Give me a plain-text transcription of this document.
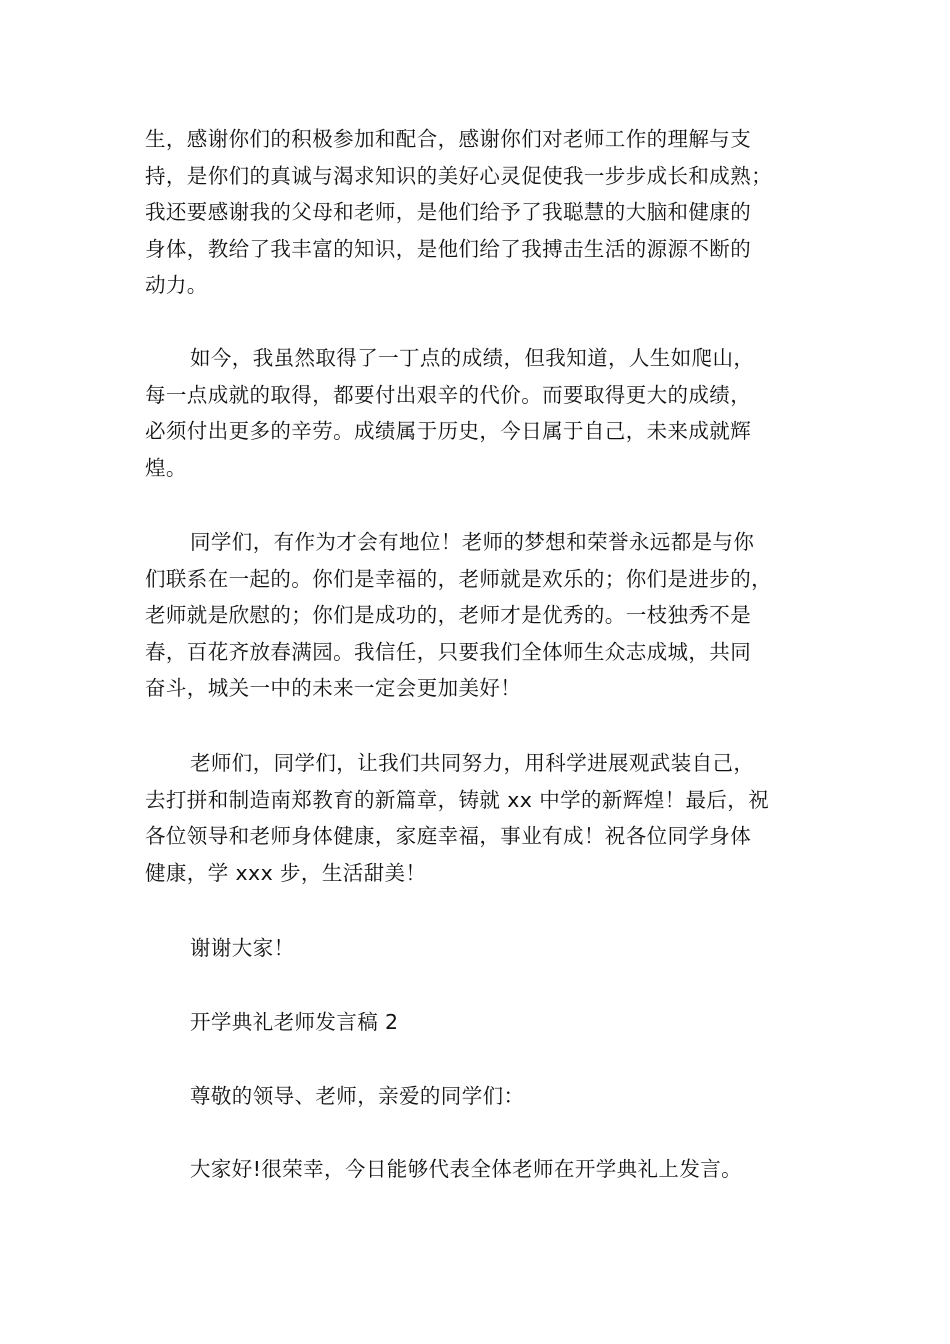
生，感谢你们的积极参加和配合，感谢你们对老师工作的理解与支
持，是你们的真诚与渴求知识的美好心灵促使我一步步成长和成熟；
我还要感谢我的父母和老师，是他们给予了我聪慧的大脑和健康的
身体，教给了我丰富的知识，是他们给了我搏击生活的源源不断的
动力。
如今，我虽然取得了一丁点的成绩，但我知道，人生如爬山，
每一点成就的取得，都要付出艰辛的代价。而要取得更大的成绩，
必须付出更多的辛劳。成绩属于历史，今日属于自己，未来成就辉
煌。
同学们，有作为才会有地位！老师的梦想和荣誉永远都是与你
们联系在一起的。你们是幸福的，老师就是欢乐的；你们是进步的，
老师就是欣慰的；你们是成功的，老师才是优秀的。一枝独秀不是
春，百花齐放春满园。我信任，只要我们全体师生众志成城，共同
奋斗，城关一中的未来一定会更加美好！
老师们，同学们，让我们共同努力，用科学进展观武装自己，
去打拼和制造南郑教育的新篇章，铸就 xx 中学的新辉煌！最后，祝
各位领导和老师身体健康，家庭幸福，事业有成！祝各位同学身体
健康，学 xxx 步，生活甜美！
谢谢大家！
开学典礼老师发言稿 2
尊敬的领导、老师，亲爱的同学们：
大家好!很荣幸，今日能够代表全体老师在开学典礼上发言。
